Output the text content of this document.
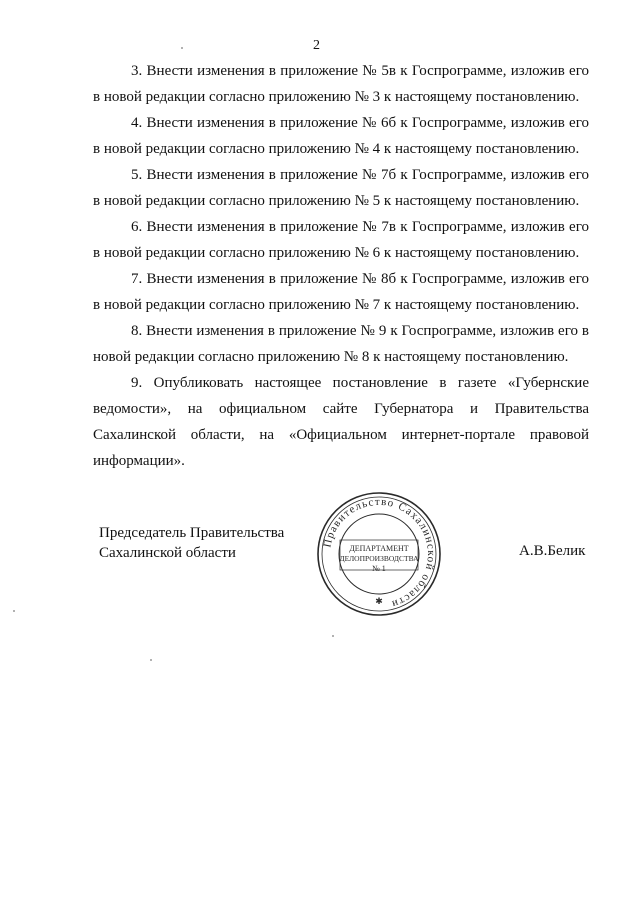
2

3. Внести изменения в приложение № 5в к Госпрограмме, изложив его в новой редакции согласно приложению № 3 к настоящему постановлению.

4. Внести изменения в приложение № 6б к Госпрограмме, изложив его в новой редакции согласно приложению № 4 к настоящему постановлению.

5. Внести изменения в приложение № 7б к Госпрограмме, изложив его в новой редакции согласно приложению № 5 к настоящему постановлению.

6. Внести изменения в приложение № 7в к Госпрограмме, изложив его в новой редакции согласно приложению № 6 к настоящему постановлению.

7. Внести изменения в приложение № 8б к Госпрограмме, изложив его в новой редакции согласно приложению № 7 к настоящему постановлению.

8. Внести изменения в приложение № 9 к Госпрограмме, изложив его в новой редакции согласно приложению № 8 к настоящему постановлению.

9. Опубликовать настоящее постановление в газете «Губернские ведомости», на официальном сайте Губернатора и Правительства Сахалинской области, на «Официальном интернет-портале правовой информации».

Председатель Правительства
Сахалинской области
Правительство Сахалинской области
ДЕПАРТАМЕНТ
ДЕЛОПРОИЗВОДСТВА
№ 1
✱
А.В.Белик
